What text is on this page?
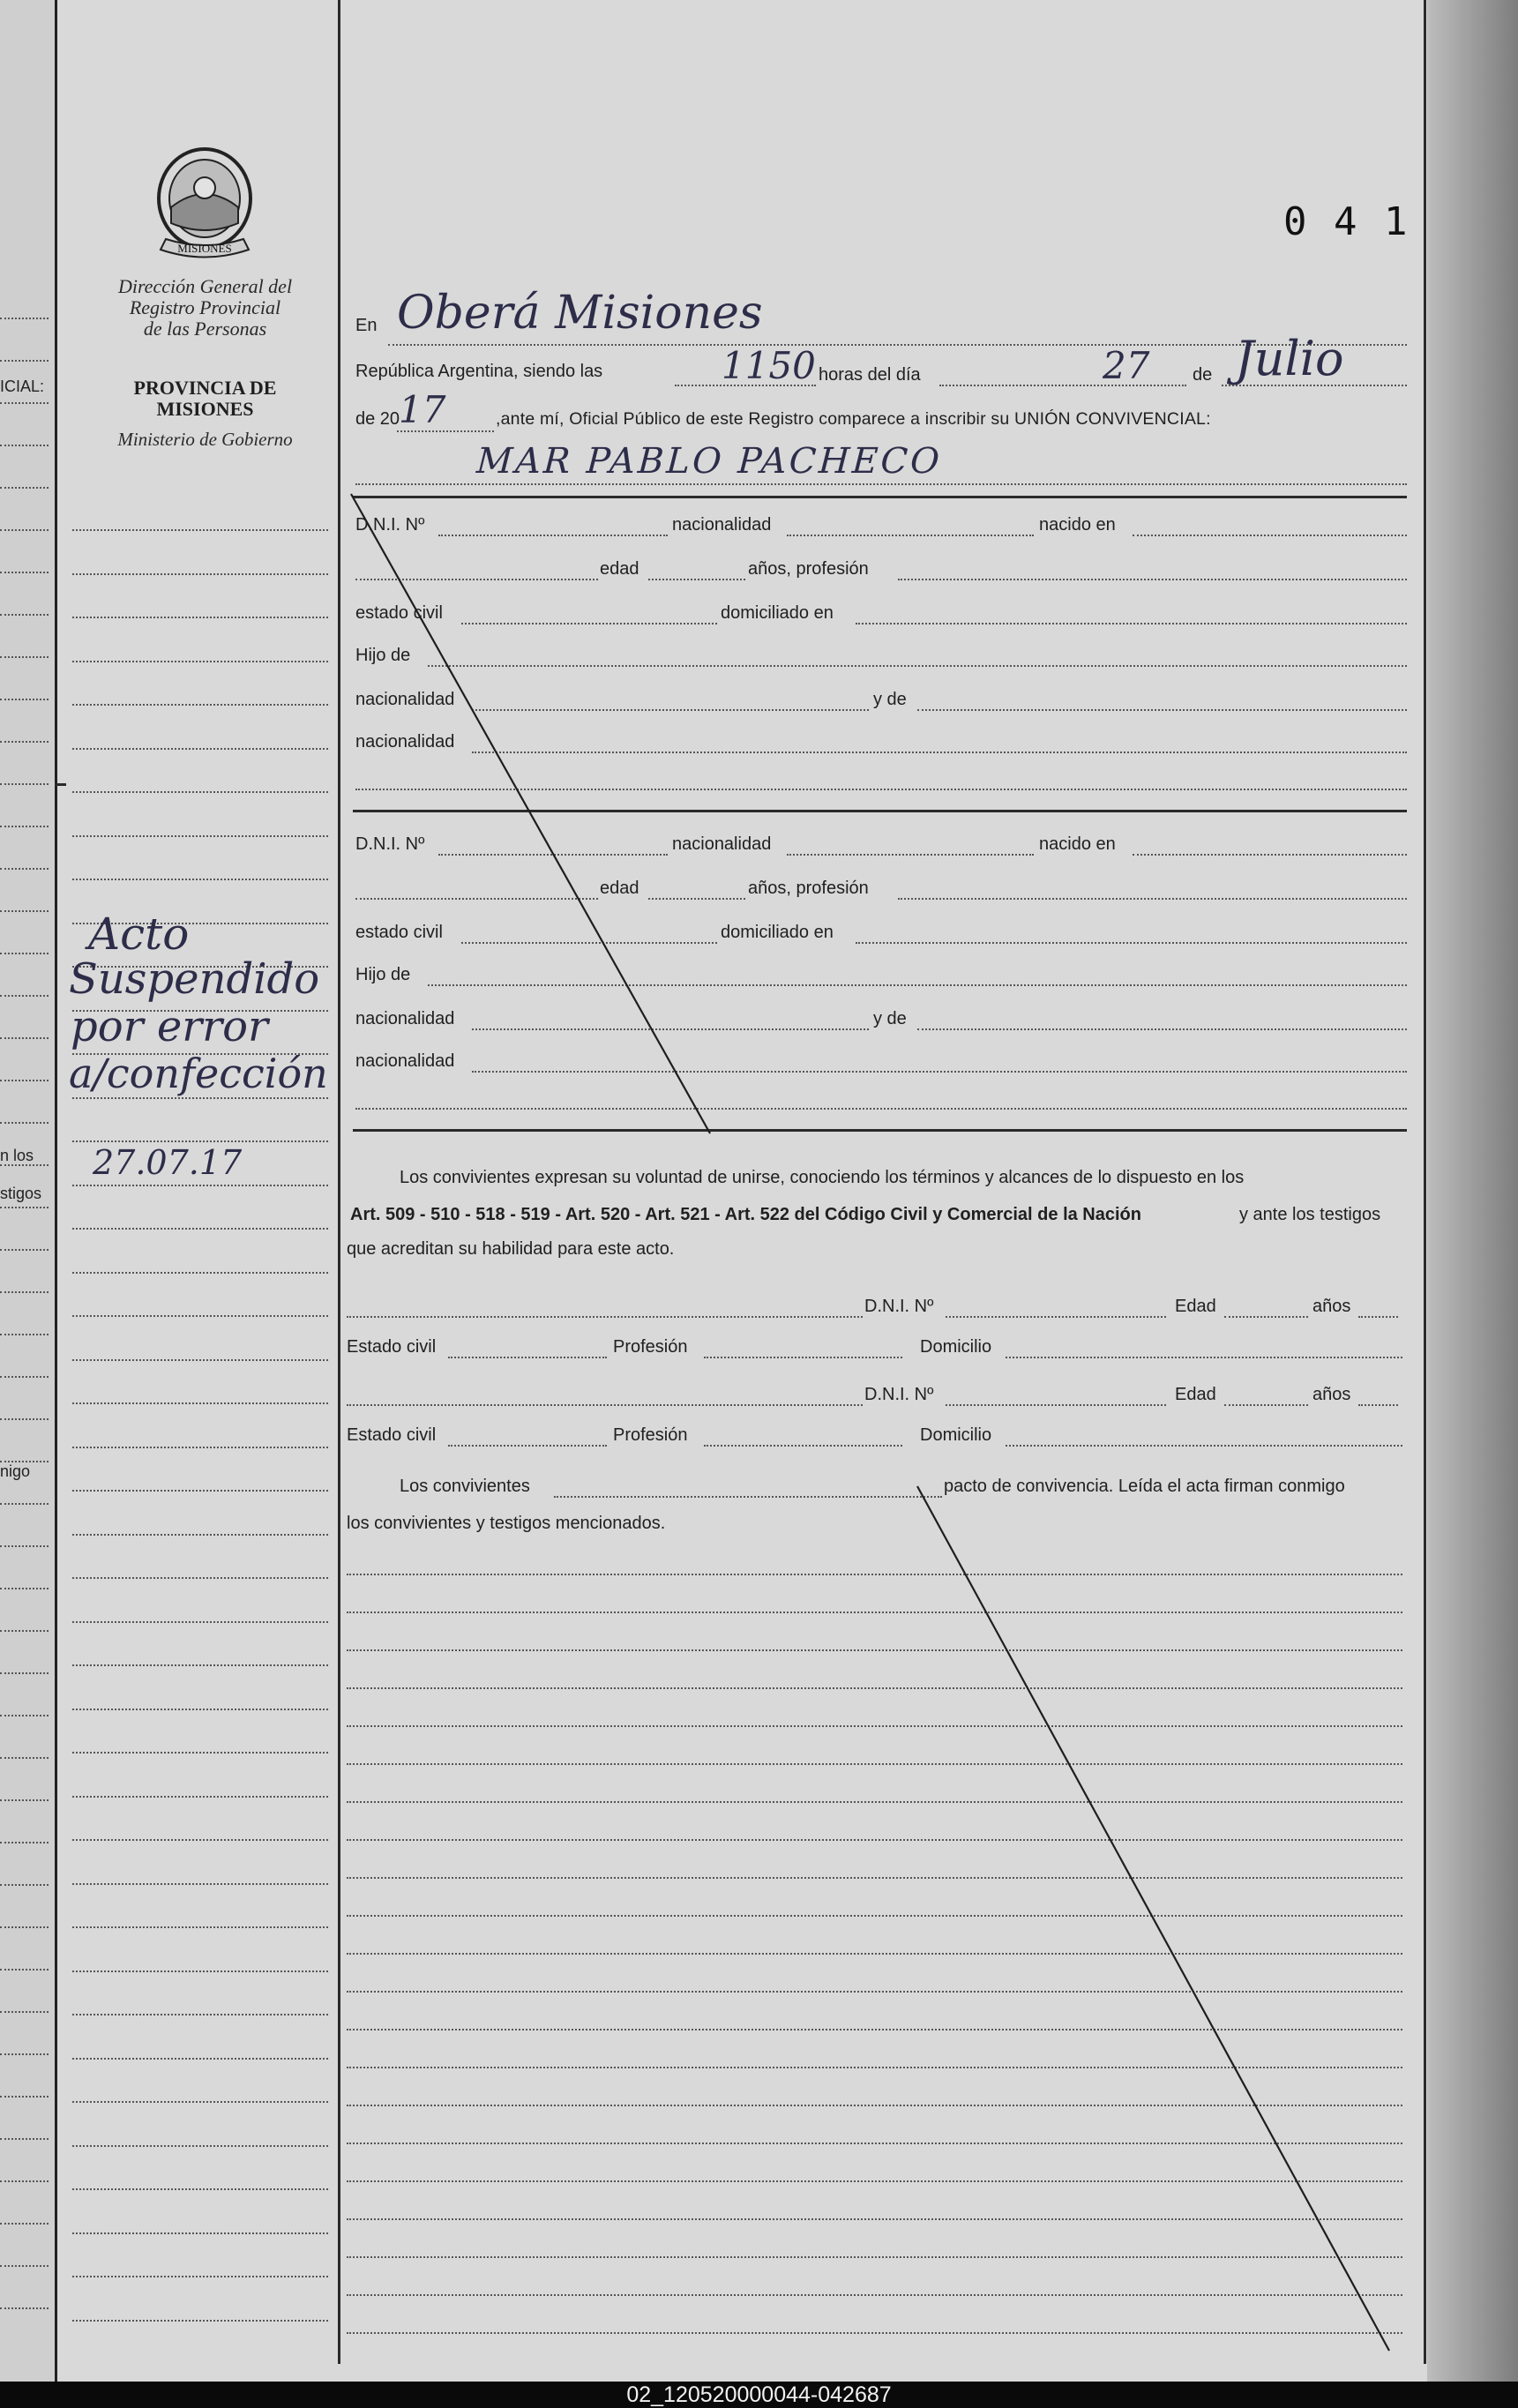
ICIAL:
n los
stigos
nigo
MISIONES
Dirección General del
Registro Provincial
de las Personas
PROVINCIA DE
MISIONES
Ministerio de Gobierno
Acto
Suspendido
por error
a/confección
27.07.17
0 4 1
En Oberá Misiones
República Argentina, siendo las	1150 horas del día	27 de Julio
de 20
17	,ante mí, Oficial Público de este Registro comparece a inscribir su UNIÓN CONVIVENCIAL:
MAR PABLO PACHECO
D.N.I. Nº	nacionalidad	nacido en
edad	años, profesión
estado civil	domiciliado en
Hijo de
nacionalidad	y de
nacionalidad
D.N.I. Nº	nacionalidad	nacido en
edad	años, profesión
estado civil	domiciliado en
Hijo de
nacionalidad	y de
nacionalidad
Los convivientes expresan su voluntad de unirse, conociendo los términos y alcances de lo dispuesto en los
Art. 509 - 510 - 518 - 519 - Art. 520 - Art. 521 - Art. 522 del Código Civil y Comercial de la Nación	y ante los testigos
que acreditan su habilidad para este acto.
D.N.I. Nº	Edad	años
Estado civil	Profesión	Domicilio
D.N.I. Nº	Edad	años
Estado civil	Profesión	Domicilio
Los convivientes	pacto de convivencia. Leída el acta firman conmigo
los convivientes y testigos mencionados.
02_120520000044-042687
